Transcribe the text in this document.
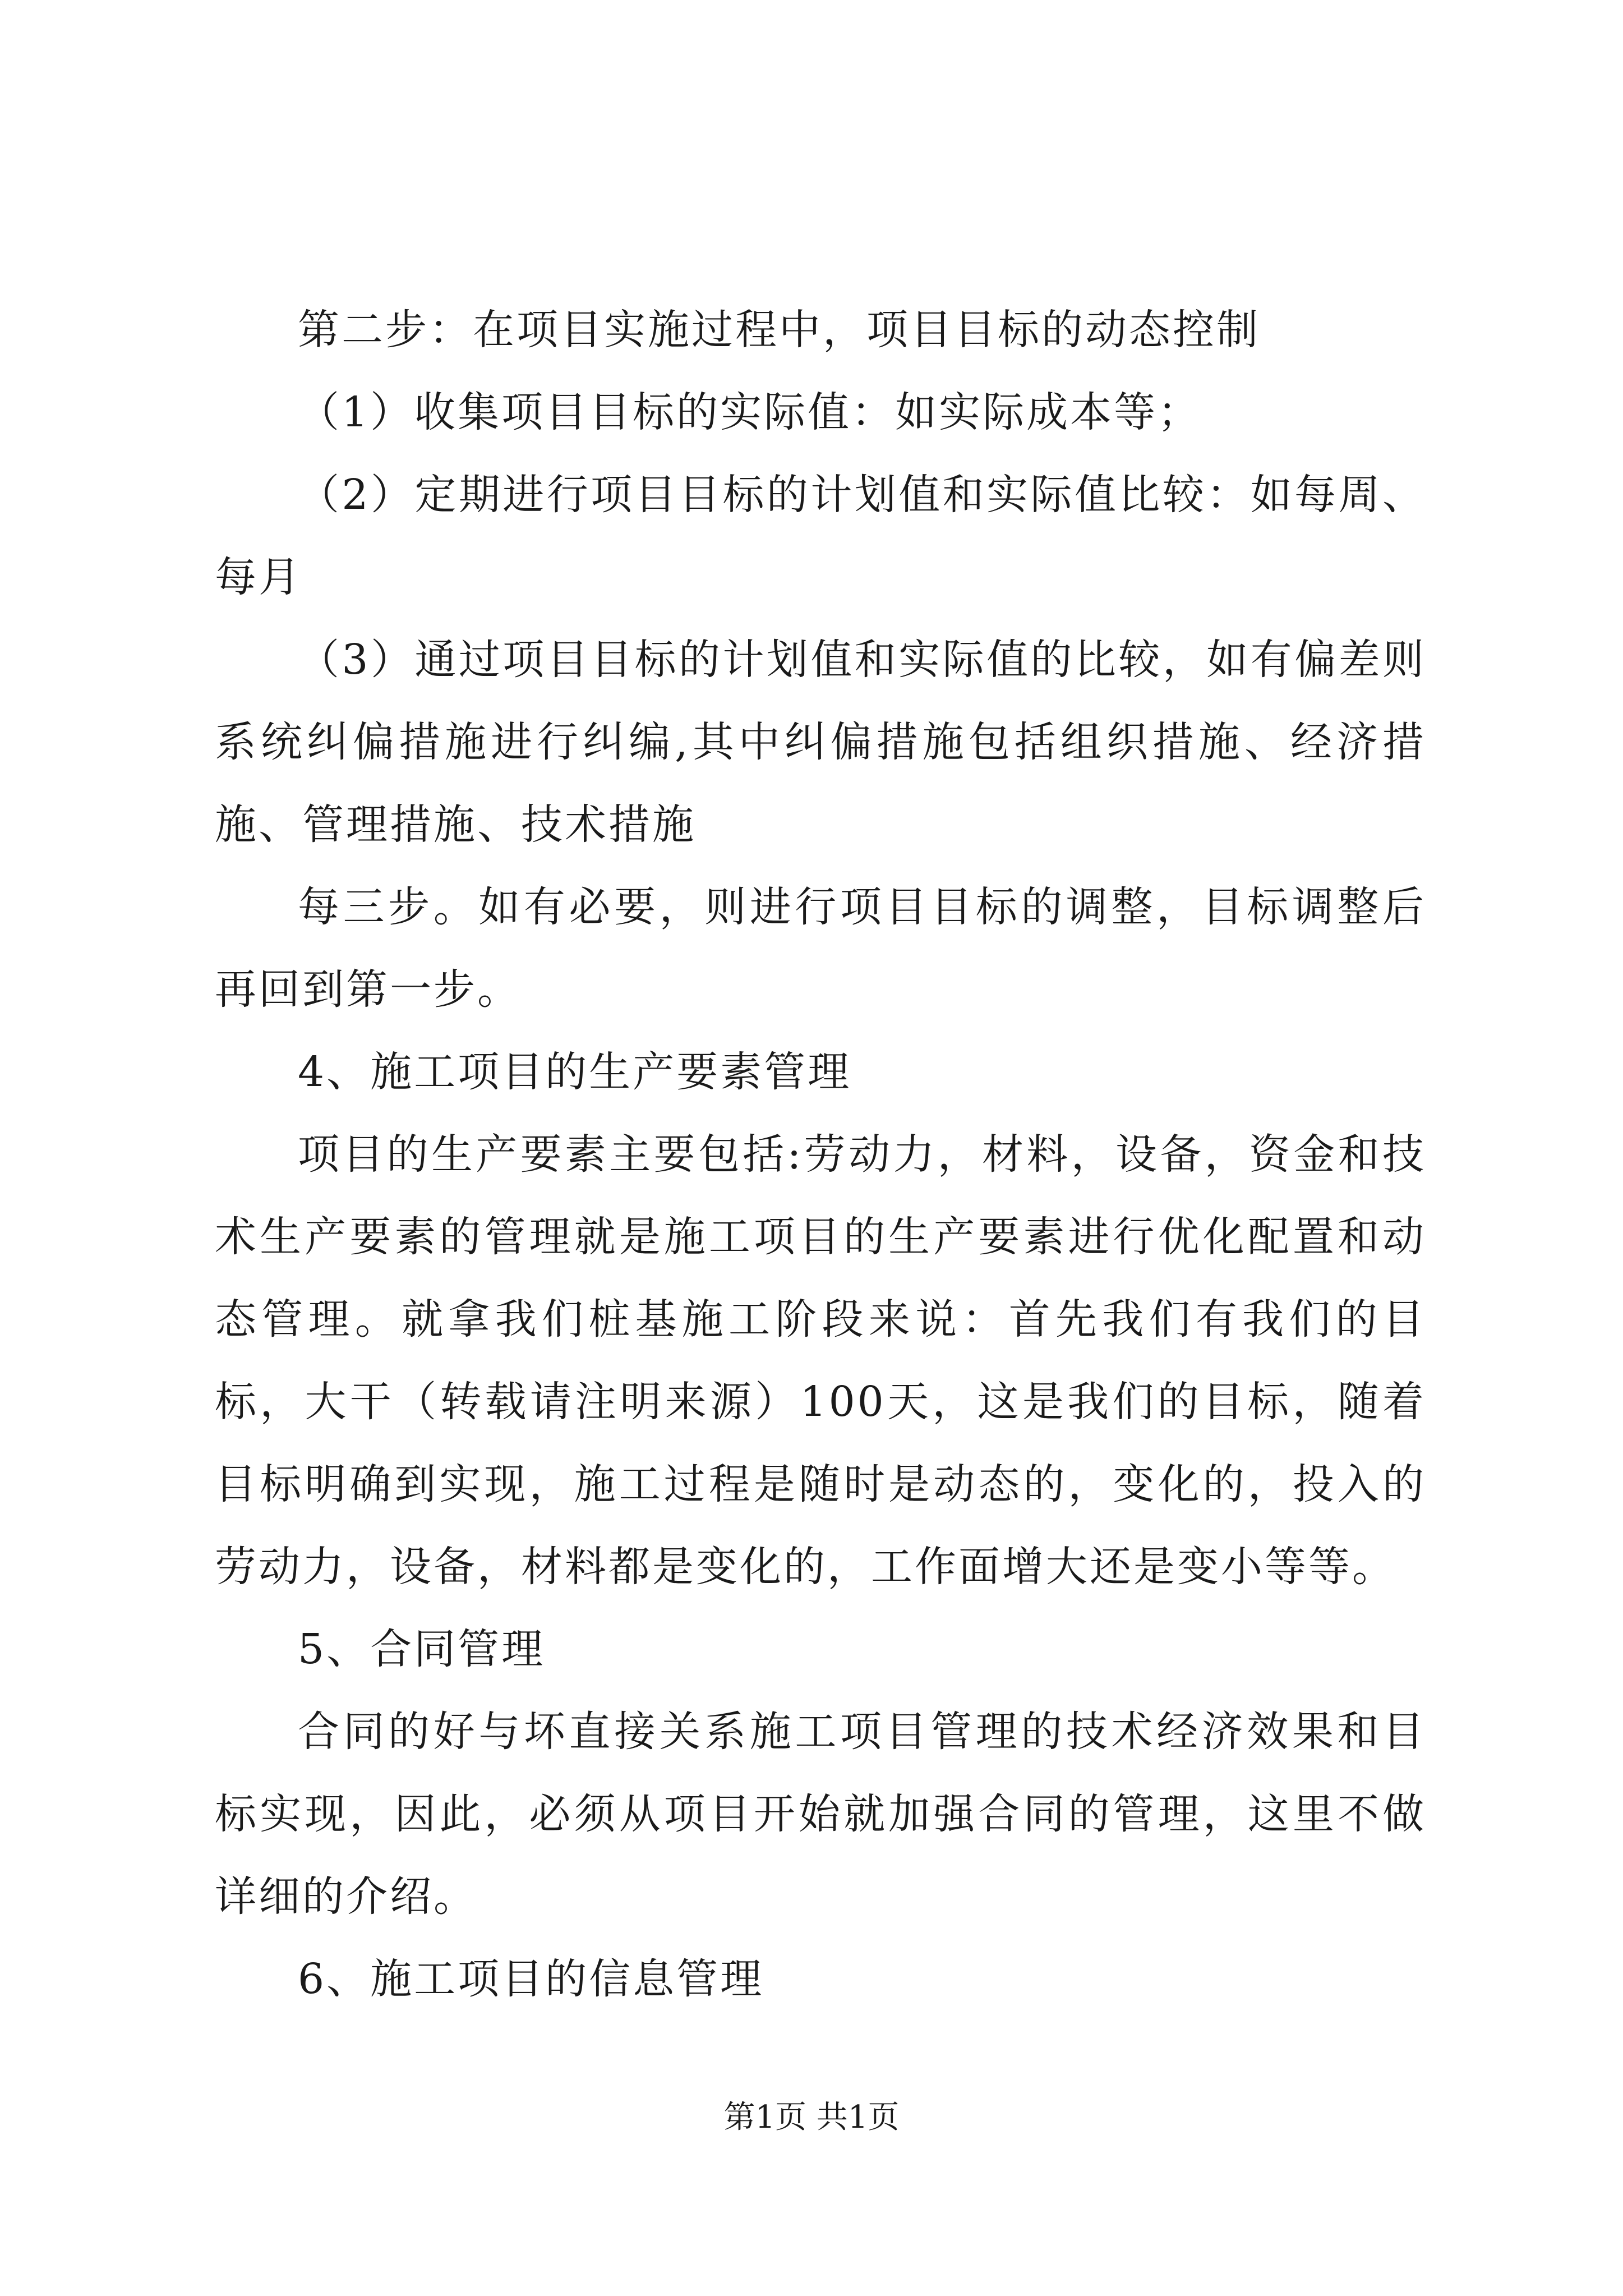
第二步：在项目实施过程中，项目目标的动态控制

（1）收集项目目标的实际值：如实际成本等；

（2）定期进行项目目标的计划值和实际值比较：如每周、每月

（3）通过项目目标的计划值和实际值的比较，如有偏差则系统纠偏措施进行纠编,其中纠偏措施包括组织措施、经济措施、管理措施、技术措施

每三步。如有必要，则进行项目目标的调整，目标调整后再回到第一步。

4、施工项目的生产要素管理

项目的生产要素主要包括:劳动力，材料，设备，资金和技术生产要素的管理就是施工项目的生产要素进行优化配置和动态管理。就拿我们桩基施工阶段来说：首先我们有我们的目标，大干（转载请注明来源）100天，这是我们的目标，随着目标明确到实现，施工过程是随时是动态的，变化的，投入的劳动力，设备，材料都是变化的，工作面增大还是变小等等。

5、合同管理

合同的好与坏直接关系施工项目管理的技术经济效果和目标实现，因此，必须从项目开始就加强合同的管理，这里不做详细的介绍。

6、施工项目的信息管理

第1页 共1页
